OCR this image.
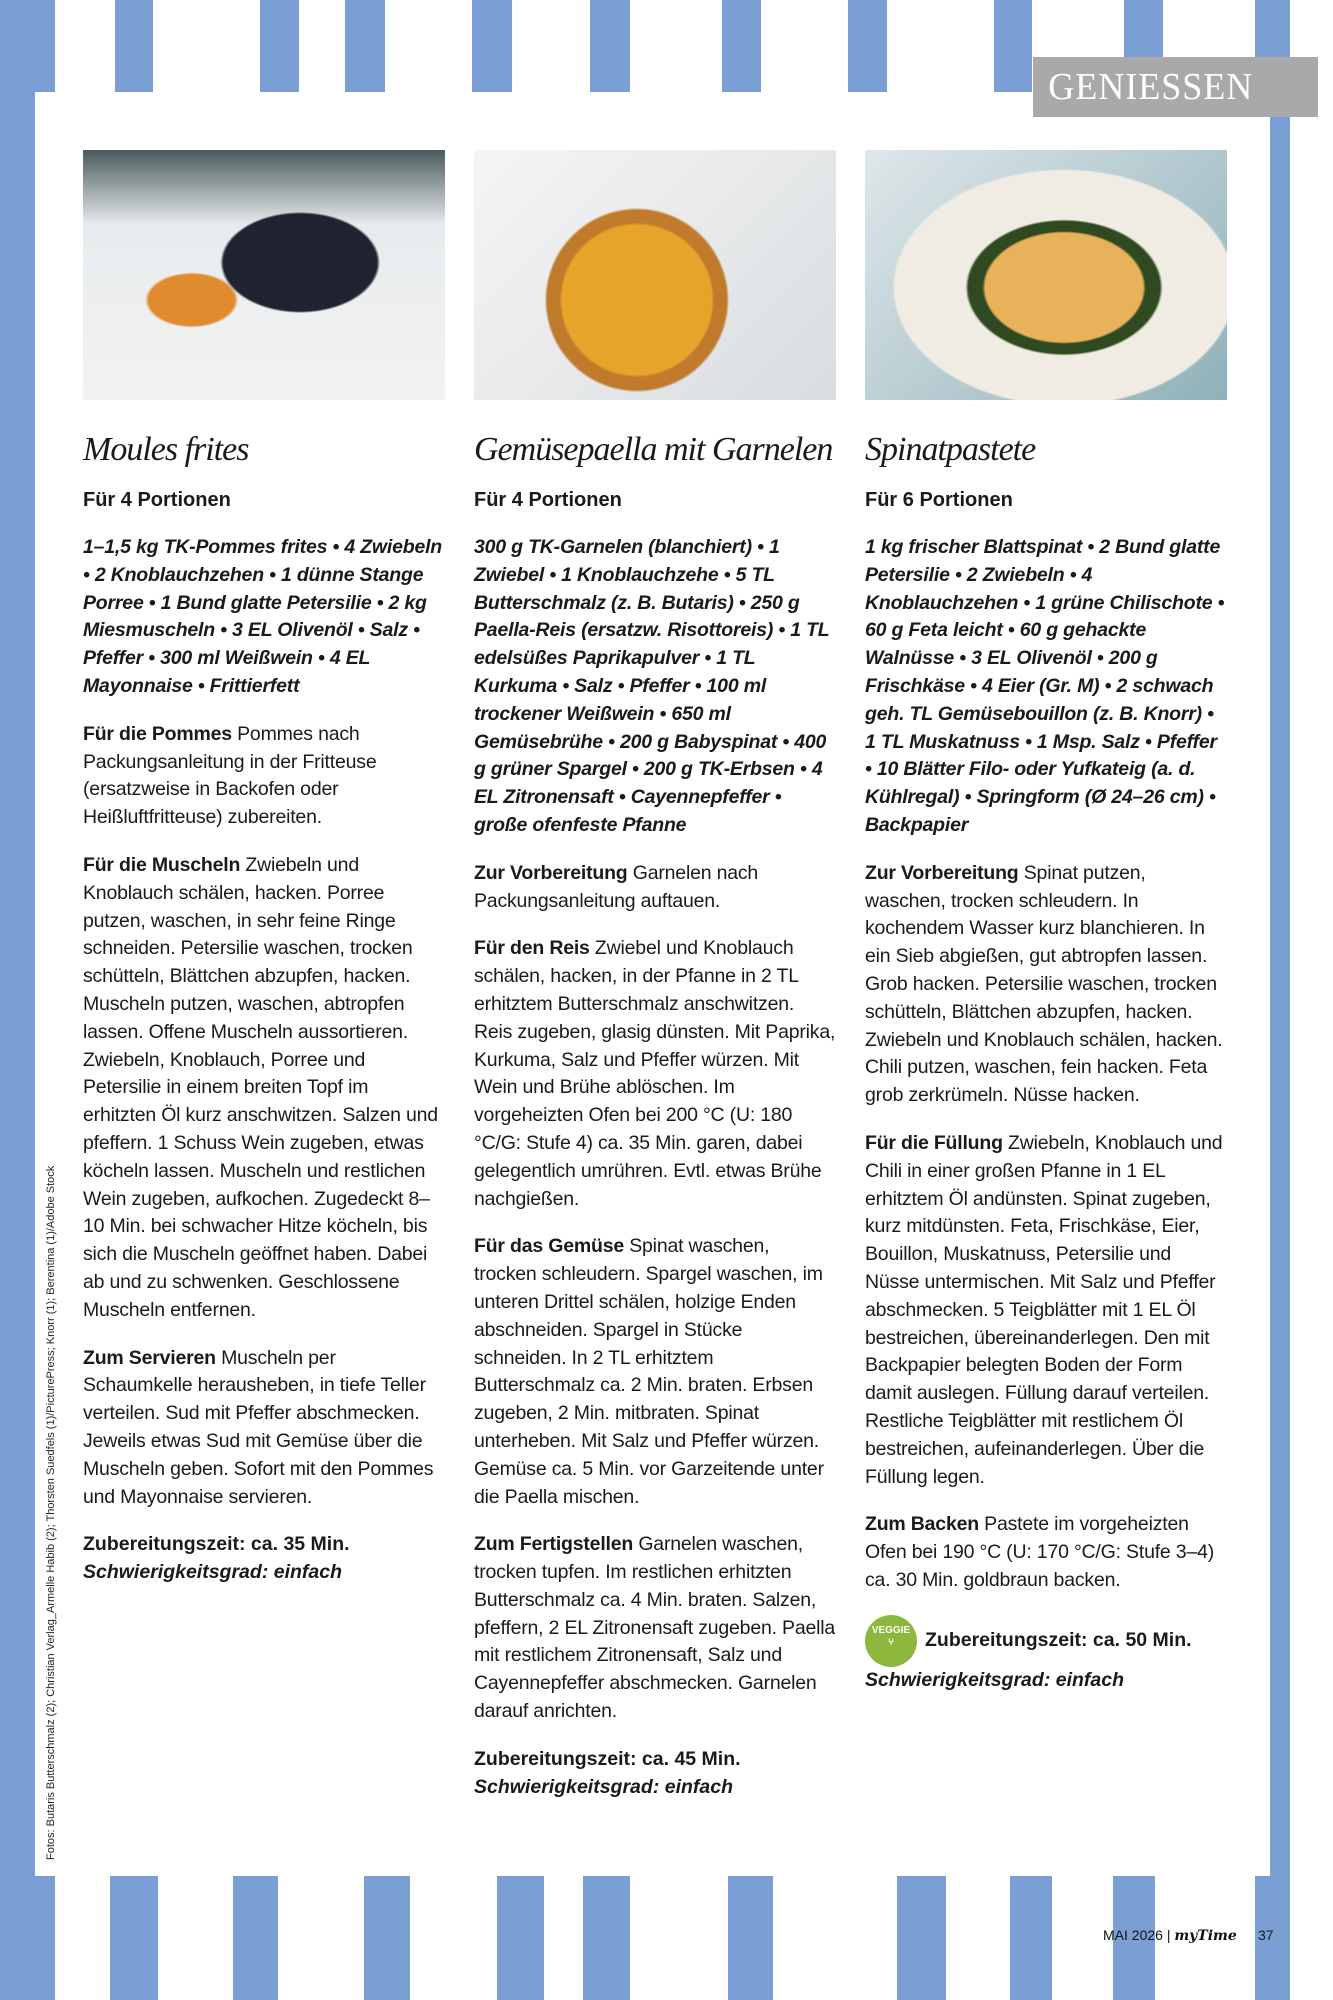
GENIESSEN
Fotos: Butaris Butterschmalz (2); Christian Verlag_Armelle Habib (2); Thorsten Suedfels (1)/PicturePress; Knorr (1); Berentina (1)/Adobe Stock
Moules frites
Für 4 Portionen
1–1,5 kg TK-Pommes frites • 4 Zwiebeln • 2 Knoblauchzehen • 1 dünne Stange Porree • 1 Bund glatte Petersilie • 2 kg Miesmuscheln • 3 EL Olivenöl • Salz • Pfeffer • 300 ml Weißwein • 4 EL Mayonnaise • Frittierfett

Für die Pommes Pommes nach Packungsanleitung in der Fritteuse (ersatzweise in Backofen oder Heißluftfritteuse) zubereiten.

Für die Muscheln Zwiebeln und Knoblauch schälen, hacken. Porree putzen, waschen, in sehr feine Ringe schneiden. Petersilie waschen, trocken schütteln, Blättchen abzupfen, hacken. Muscheln putzen, waschen, abtropfen lassen. Offene Muscheln aussortieren. Zwiebeln, Knoblauch, Porree und Petersilie in einem breiten Topf im erhitzten Öl kurz anschwitzen. Salzen und pfeffern. 1 Schuss Wein zugeben, etwas köcheln lassen. Muscheln und restlichen Wein zugeben, aufkochen. Zugedeckt 8–10 Min. bei schwacher Hitze köcheln, bis sich die Muscheln geöffnet haben. Dabei ab und zu schwenken. Geschlossene Muscheln entfernen.

Zum Servieren Muscheln per Schaumkelle herausheben, in tiefe Teller verteilen. Sud mit Pfeffer abschmecken. Jeweils etwas Sud mit Gemüse über die Muscheln geben. Sofort mit den Pommes und Mayonnaise servieren.

Zubereitungszeit: ca. 35 Min.
Schwierigkeitsgrad: einfach
Gemüsepaella mit Garnelen
Für 4 Portionen
300 g TK-Garnelen (blanchiert) • 1 Zwiebel • 1 Knoblauchzehe • 5 TL Butterschmalz (z. B. Butaris) • 250 g Paella-Reis (ersatzw. Risottoreis) • 1 TL edelsüßes Paprikapulver • 1 TL Kurkuma • Salz • Pfeffer • 100 ml trockener Weißwein • 650 ml Gemüsebrühe • 200 g Babyspinat • 400 g grüner Spargel • 200 g TK-Erbsen • 4 EL Zitronensaft • Cayennepfeffer • große ofenfeste Pfanne

Zur Vorbereitung Garnelen nach Packungsanleitung auftauen.

Für den Reis Zwiebel und Knoblauch schälen, hacken, in der Pfanne in 2 TL erhitztem Butterschmalz anschwitzen. Reis zugeben, glasig dünsten. Mit Paprika, Kurkuma, Salz und Pfeffer würzen. Mit Wein und Brühe ablöschen. Im vorgeheizten Ofen bei 200 °C (U: 180 °C/G: Stufe 4) ca. 35 Min. garen, dabei gelegentlich umrühren. Evtl. etwas Brühe nachgießen.

Für das Gemüse Spinat waschen, trocken schleudern. Spargel waschen, im unteren Drittel schälen, holzige Enden abschneiden. Spargel in Stücke schneiden. In 2 TL erhitztem Butterschmalz ca. 2 Min. braten. Erbsen zugeben, 2 Min. mitbraten. Spinat unterheben. Mit Salz und Pfeffer würzen. Gemüse ca. 5 Min. vor Garzeitende unter die Paella mischen.

Zum Fertigstellen Garnelen waschen, trocken tupfen. Im restlichen erhitzten Butterschmalz ca. 4 Min. braten. Salzen, pfeffern, 2 EL Zitronensaft zugeben. Paella mit restlichem Zitronensaft, Salz und Cayennepfeffer abschmecken. Garnelen darauf anrichten.

Zubereitungszeit: ca. 45 Min.
Schwierigkeitsgrad: einfach
Spinatpastete
Für 6 Portionen
1 kg frischer Blattspinat • 2 Bund glatte Petersilie • 2 Zwiebeln • 4 Knoblauchzehen • 1 grüne Chilischote • 60 g Feta leicht • 60 g gehackte Walnüsse • 3 EL Olivenöl • 200 g Frischkäse • 4 Eier (Gr. M) • 2 schwach geh. TL Gemüsebouillon (z. B. Knorr) • 1 TL Muskatnuss • 1 Msp. Salz • Pfeffer • 10 Blätter Filo- oder Yufkateig (a. d. Kühlregal) • Springform (Ø 24–26 cm) • Backpapier

Zur Vorbereitung Spinat putzen, waschen, trocken schleudern. In kochendem Wasser kurz blanchieren. In ein Sieb abgießen, gut abtropfen lassen. Grob hacken. Petersilie waschen, trocken schütteln, Blättchen abzupfen, hacken. Zwiebeln und Knoblauch schälen, hacken. Chili putzen, waschen, fein hacken. Feta grob zerkrümeln. Nüsse hacken.

Für die Füllung Zwiebeln, Knoblauch und Chili in einer großen Pfanne in 1 EL erhitztem Öl andünsten. Spinat zugeben, kurz mitdünsten. Feta, Frischkäse, Eier, Bouillon, Muskatnuss, Petersilie und Nüsse untermischen. Mit Salz und Pfeffer abschmecken. 5 Teigblätter mit 1 EL Öl bestreichen, übereinanderlegen. Den mit Backpapier belegten Boden der Form damit auslegen. Füllung darauf verteilen. Restliche Teigblätter mit restlichem Öl bestreichen, aufeinanderlegen. Über die Füllung legen.

Zum Backen Pastete im vorgeheizten Ofen bei 190 °C (U: 170 °C/G: Stufe 3–4) ca. 30 Min. goldbraun backen.

VEGGIE
⑂ Zubereitungszeit: ca. 50 Min.
Schwierigkeitsgrad: einfach
MAI 2026 | myTime 37
